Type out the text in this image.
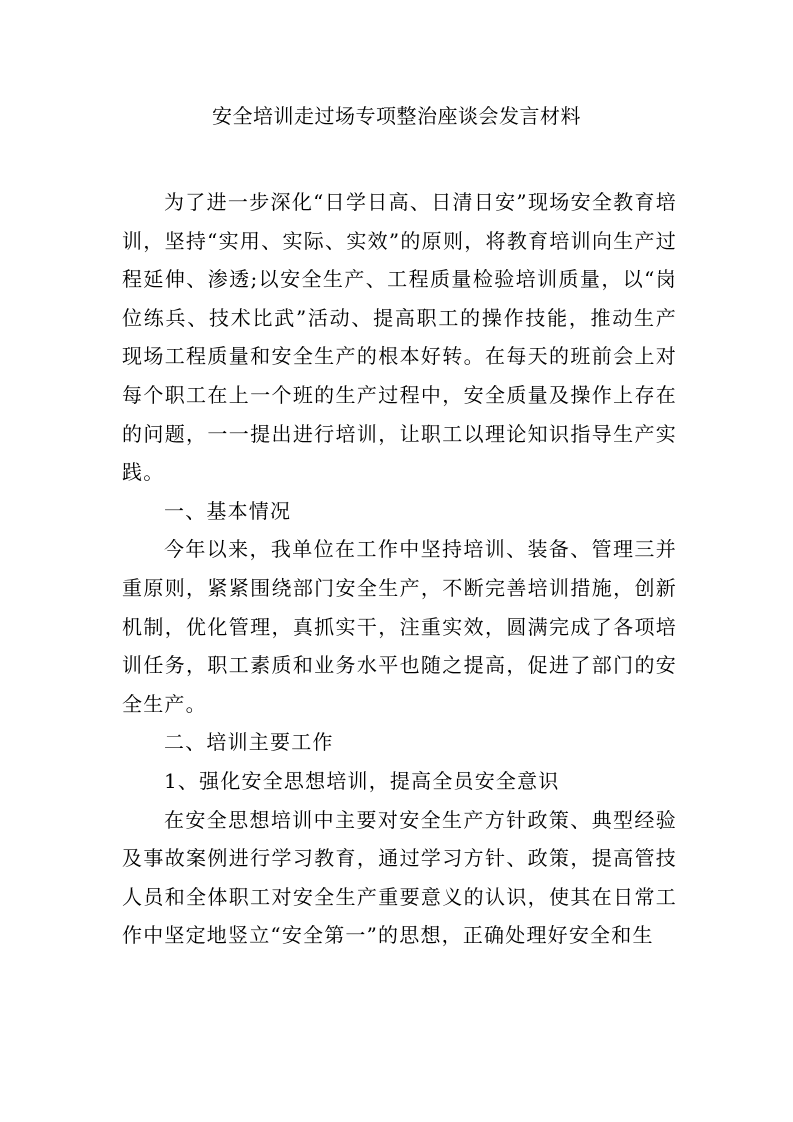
安全培训走过场专项整治座谈会发言材料

为了进一步深化“日学日高、日清日安”现场安全教育培训，坚持“实用、实际、实效”的原则，将教育培训向生产过程延伸、渗透;以安全生产、工程质量检验培训质量，以“岗位练兵、技术比武”活动、提高职工的操作技能，推动生产现场工程质量和安全生产的根本好转。在每天的班前会上对每个职工在上一个班的生产过程中，安全质量及操作上存在的问题，一一提出进行培训，让职工以理论知识指导生产实践。

一、基本情况

今年以来，我单位在工作中坚持培训、装备、管理三并重原则，紧紧围绕部门安全生产，不断完善培训措施，创新机制，优化管理，真抓实干，注重实效，圆满完成了各项培训任务，职工素质和业务水平也随之提高，促进了部门的安全生产。

二、培训主要工作

1、强化安全思想培训，提高全员安全意识

在安全思想培训中主要对安全生产方针政策、典型经验及事故案例进行学习教育，通过学习方针、政策，提高管技人员和全体职工对安全生产重要意义的认识，使其在日常工作中坚定地竖立“安全第一”的思想，正确处理好安全和生
